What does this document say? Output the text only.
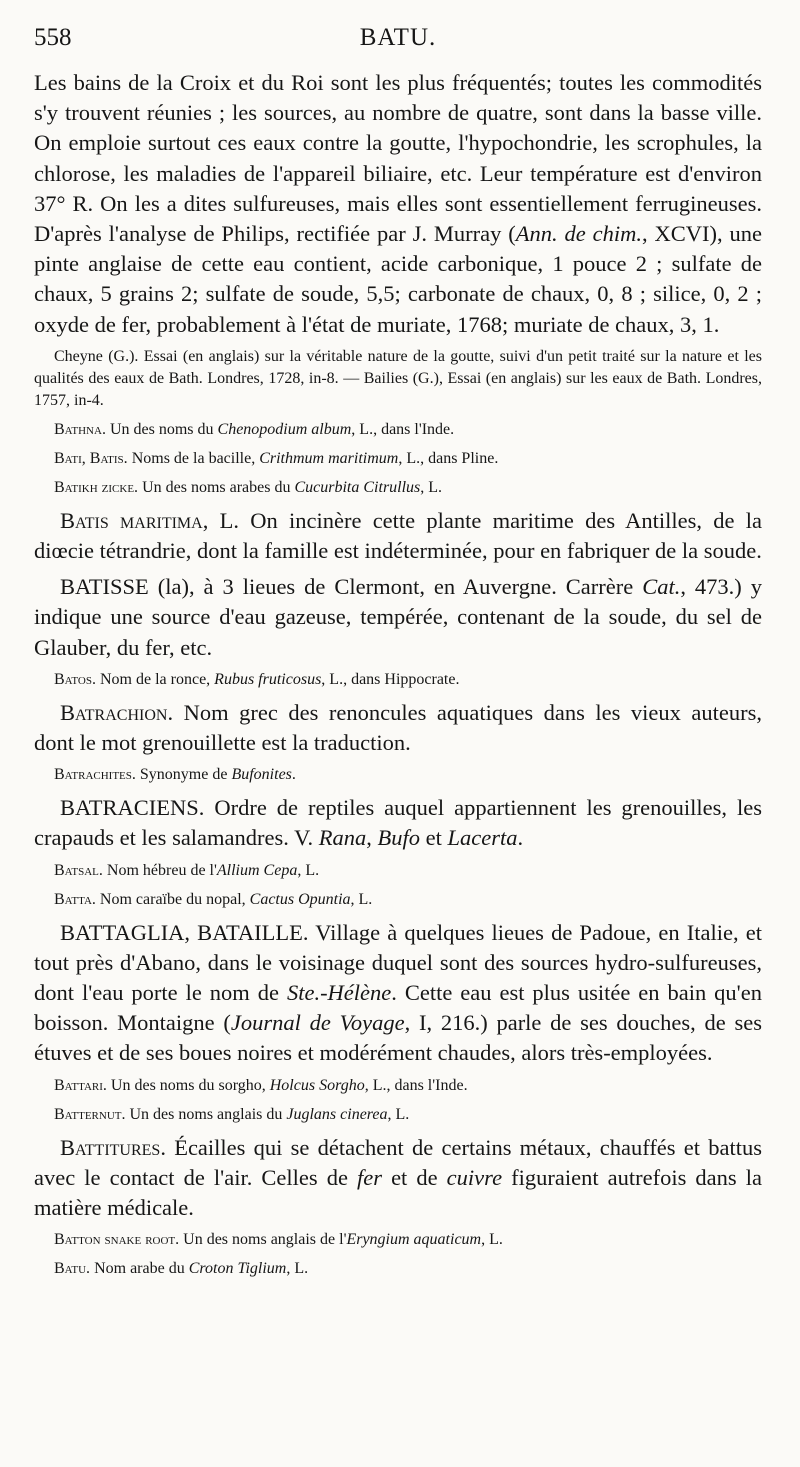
558	BATU.

Les bains de la Croix et du Roi sont les plus fréquentés; toutes les commodités s'y trouvent réunies ; les sources, au nombre de quatre, sont dans la basse ville. On emploie surtout ces eaux contre la goutte, l'hypochondrie, les scrophules, la chlorose, les maladies de l'appareil biliaire, etc. Leur température est d'environ 37° R. On les a dites sulfureuses, mais elles sont essentiellement ferrugineuses. D'après l'analyse de Philips, rectifiée par J. Murray (Ann. de chim., XCVI), une pinte anglaise de cette eau contient, acide carbonique, 1 pouce 2 ; sulfate de chaux, 5 grains 2; sulfate de soude, 5,5; carbonate de chaux, 0, 8 ; silice, 0, 2 ; oxyde de fer, probablement à l'état de muriate, 1768; muriate de chaux, 3, 1.

Cheyne (G.). Essai (en anglais) sur la véritable nature de la goutte, suivi d'un petit traité sur la nature et les qualités des eaux de Bath. Londres, 1728, in-8. — Bailies (G.), Essai (en anglais) sur les eaux de Bath. Londres, 1757, in-4.

Bathna. Un des noms du Chenopodium album, L., dans l'Inde.

Bati, Batis. Noms de la bacille, Crithmum maritimum, L., dans Pline.

Batikh zicke. Un des noms arabes du Cucurbita Citrullus, L.

Batis maritima, L. On incinère cette plante maritime des Antilles, de la diœcie tétrandrie, dont la famille est indéterminée, pour en fabriquer de la soude.

BATISSE (la), à 3 lieues de Clermont, en Auvergne. Carrère Cat., 473.) y indique une source d'eau gazeuse, tempérée, contenant de la soude, du sel de Glauber, du fer, etc.

Batos. Nom de la ronce, Rubus fruticosus, L., dans Hippocrate.

Batrachion. Nom grec des renoncules aquatiques dans les vieux auteurs, dont le mot grenouillette est la traduction.

Batrachites. Synonyme de Bufonites.

BATRACIENS. Ordre de reptiles auquel appartiennent les grenouilles, les crapauds et les salamandres. V. Rana, Bufo et Lacerta.

Batsal. Nom hébreu de l'Allium Cepa, L.

Batta. Nom caraïbe du nopal, Cactus Opuntia, L.

BATTAGLIA, BATAILLE. Village à quelques lieues de Padoue, en Italie, et tout près d'Abano, dans le voisinage duquel sont des sources hydro-sulfureuses, dont l'eau porte le nom de Ste.-Hélène. Cette eau est plus usitée en bain qu'en boisson. Montaigne (Journal de Voyage, I, 216.) parle de ses douches, de ses étuves et de ses boues noires et modérément chaudes, alors très-employées.

Battari. Un des noms du sorgho, Holcus Sorgho, L., dans l'Inde.

Batternut. Un des noms anglais du Juglans cinerea, L.

Battitures. Écailles qui se détachent de certains métaux, chauffés et battus avec le contact de l'air. Celles de fer et de cuivre figuraient autrefois dans la matière médicale.

Batton snake root. Un des noms anglais de l'Eryngium aquaticum, L.

Batu. Nom arabe du Croton Tiglium, L.
